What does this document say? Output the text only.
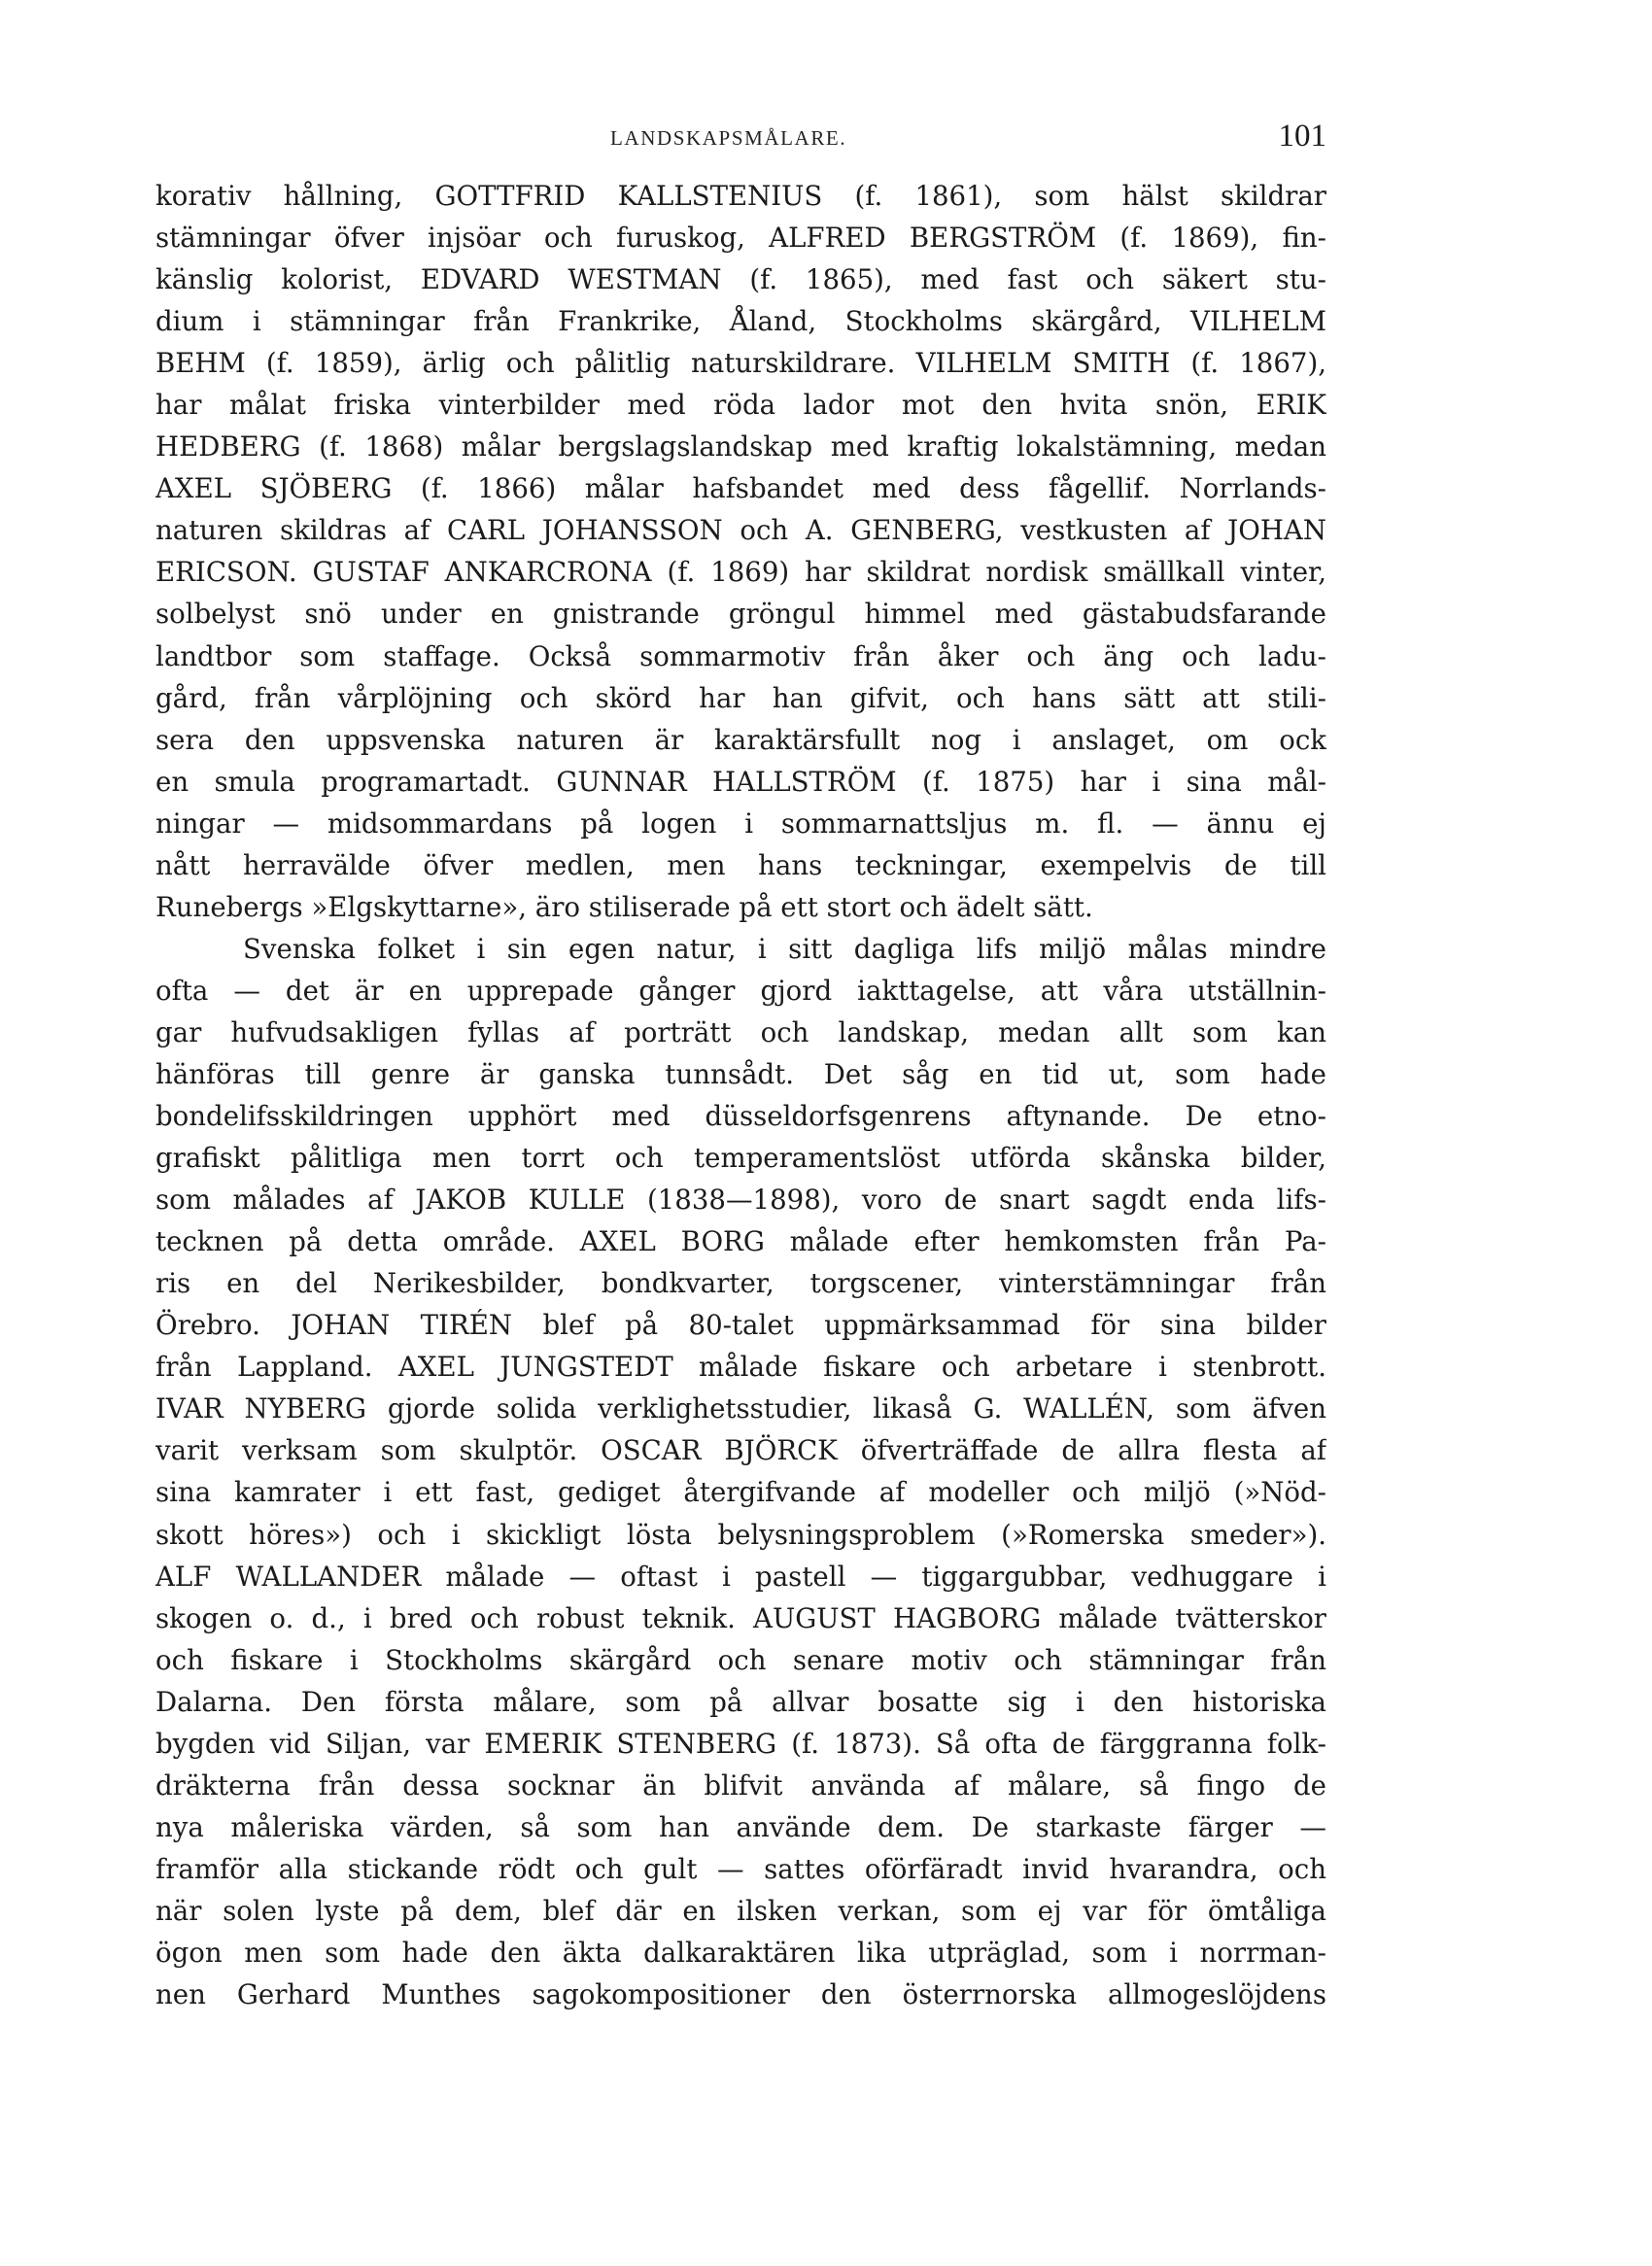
LANDSKAPSMÅLARE.	101
korativ hållning, GOTTFRID KALLSTENIUS (f. 1861), som hälst skildrar
stämningar öfver injsöar och furuskog, ALFRED BERGSTRÖM (f. 1869), fin-
känslig kolorist, EDVARD WESTMAN (f. 1865), med fast och säkert stu-
dium i stämningar från Frankrike, Åland, Stockholms skärgård, VILHELM
BEHM (f. 1859), ärlig och pålitlig naturskildrare. VILHELM SMITH (f. 1867),
har målat friska vinterbilder med röda lador mot den hvita snön, ERIK
HEDBERG (f. 1868) målar bergslagslandskap med kraftig lokalstämning, medan
AXEL SJÖBERG (f. 1866) målar hafsbandet med dess fågellif. Norrlands-
naturen skildras af CARL JOHANSSON och A. GENBERG, vestkusten af JOHAN
ERICSON. GUSTAF ANKARCRONA (f. 1869) har skildrat nordisk smällkall vinter,
solbelyst snö under en gnistrande gröngul himmel med gästabudsfarande
landtbor som staffage. Också sommarmotiv från åker och äng och ladu-
gård, från vårplöjning och skörd har han gifvit, och hans sätt att stili-
sera den uppsvenska naturen är karaktärsfullt nog i anslaget, om ock
en smula programartadt. GUNNAR HALLSTRÖM (f. 1875) har i sina mål-
ningar — midsommardans på logen i sommarnattsljus m. fl. — ännu ej
nått herravälde öfver medlen, men hans teckningar, exempelvis de till
Runebergs »Elgskyttarne», äro stiliserade på ett stort och ädelt sätt.
Svenska folket i sin egen natur, i sitt dagliga lifs miljö målas mindre
ofta — det är en upprepade gånger gjord iakttagelse, att våra utställnin-
gar hufvudsakligen fyllas af porträtt och landskap, medan allt som kan
hänföras till genre är ganska tunnsådt. Det såg en tid ut, som hade
bondelifsskildringen upphört med düsseldorfsgenrens aftynande. De etno-
grafiskt pålitliga men torrt och temperamentslöst utförda skånska bilder,
som målades af JAKOB KULLE (1838—1898), voro de snart sagdt enda lifs-
tecknen på detta område. AXEL BORG målade efter hemkomsten från Pa-
ris en del Nerikesbilder, bondkvarter, torgscener, vinterstämningar från
Örebro. JOHAN TIRÉN blef på 80-talet uppmärksammad för sina bilder
från Lappland. AXEL JUNGSTEDT målade fiskare och arbetare i stenbrott.
IVAR NYBERG gjorde solida verklighetsstudier, likaså G. WALLÉN, som äfven
varit verksam som skulptör. OSCAR BJÖRCK öfverträffade de allra flesta af
sina kamrater i ett fast, gediget återgifvande af modeller och miljö (»Nöd-
skott höres») och i skickligt lösta belysningsproblem (»Romerska smeder»).
ALF WALLANDER målade — oftast i pastell — tiggargubbar, vedhuggare i
skogen o. d., i bred och robust teknik. AUGUST HAGBORG målade tvätterskor
och fiskare i Stockholms skärgård och senare motiv och stämningar från
Dalarna. Den första målare, som på allvar bosatte sig i den historiska
bygden vid Siljan, var EMERIK STENBERG (f. 1873). Så ofta de färggranna folk-
dräkterna från dessa socknar än blifvit använda af målare, så fingo de
nya måleriska värden, så som han använde dem. De starkaste färger —
framför alla stickande rödt och gult — sattes oförfäradt invid hvarandra, och
när solen lyste på dem, blef där en ilsken verkan, som ej var för ömtåliga
ögon men som hade den äkta dalkaraktären lika utpräglad, som i norrman-
nen Gerhard Munthes sagokompositioner den österrnorska allmogeslöjdens
